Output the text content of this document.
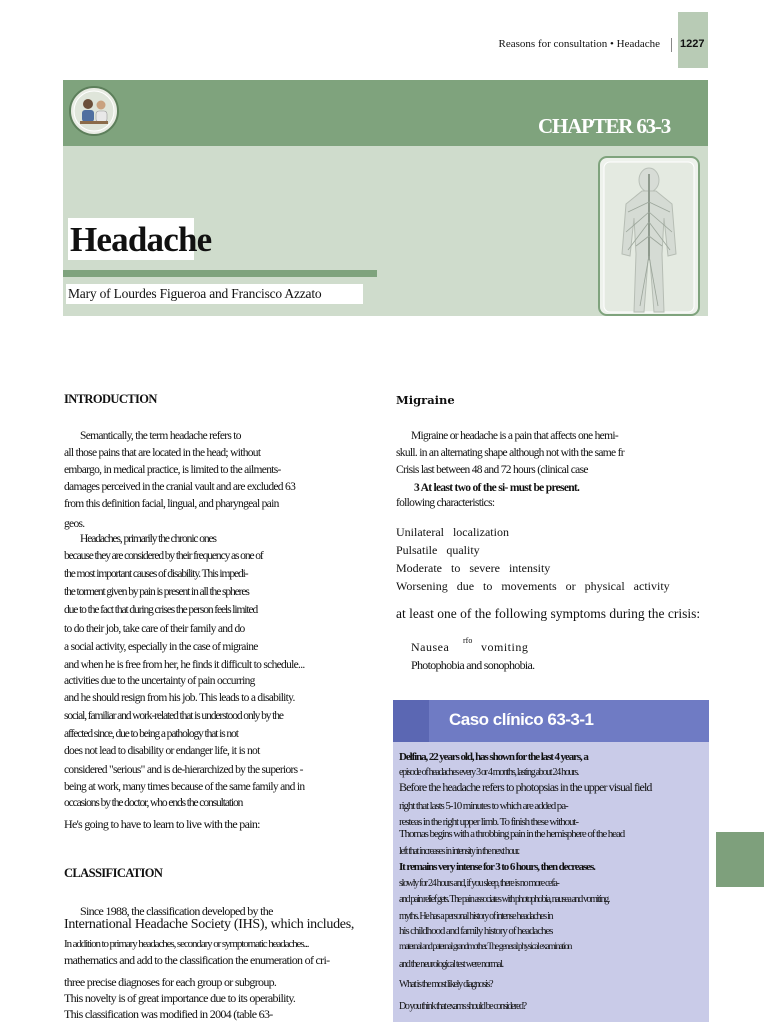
Reasons for consultation • Headache 1227
CHAPTER 63-3
Headache
Mary of Lourdes Figueroa and Francisco Azzato
INTRODUCTION
Semantically, the term headache refers to
all those pains that are located in the head; without
embargo, in medical practice, is limited to the ailments-
damages perceived in the cranial vault and are excluded 63
from this definition facial, lingual, and pharyngeal pain
geos.
Headaches, primarily the chronic ones
because they are considered by their frequency as one of
the most important causes of disability. This impedi-
the torment given by pain is present in all the spheres
due to the fact that during crises the person feels limited
to do their job, take care of their family and do
a social activity, especially in the case of migraine
and when he is free from her, he finds it difficult to schedule...
activities due to the uncertainty of pain occurring
and he should resign from his job. This leads to a disability.
social, familiar and work-related that is understood only by the
affected since, due to being a pathology that is not
does not lead to disability or endanger life, it is not
considered "serious" and is de-hierarchized by the superiors -
being at work, many times because of the same family and in
occasions by the doctor, who ends the consultation
He's going to have to learn to live with the pain:
CLASSIFICATION
Since 1988, the classification developed by the
International Headache Society (IHS), which includes,
In addition to primary headaches, secondary or symptomatic headaches...
mathematics and add to the classification the enumeration of cri-
three precise diagnoses for each group or subgroup.
This novelty is of great importance due to its operability.
This classification was modified in 2004 (table 63-
Migraine
Migraine or headache is a pain that affects one hemi-
skull. in an alternating shape although not with the same fr
Crisis last between 48 and 72 hours (clinical case
3 At least two of the si- must be present.
following characteristics:
Unilateral   localization
Pulsatile   quality
Moderate   to   severe   intensity
Worsening   due   to   movements   or   physical   activity
at least one of the following symptoms during the crisis:
Nausea rfo vomiting
Photophobia and sonophobia.
Caso clínico 63-3-1
Delfina, 22 years old, has shown for the last 4 years, a
episode of headaches every 3 or 4 months, lasting about 24 hours.
Before the headache refers to photopsias in the upper visual field
right that lasts 5-10 minutes to which are added pa-
resteas in the right upper limb. To finish these without-
Thomas begins with a throbbing pain in the hemisphere of the head
left that increases in intensity in the next hour.
It remains very intense for 3 to 6 hours, then decreases.
slowly for 24 hours and, if you sleep, there is no more cefa-
and pain relief gets. The pain associates with photophobia, nausea and vomiting.
myths. He has a personal history of intense headaches in
his childhood and family history of headaches
maternal and paternal grandmother. The general physical examination
and the neurological test were normal.
What is the most likely diagnosis?
Do you think that exams should be considered?
